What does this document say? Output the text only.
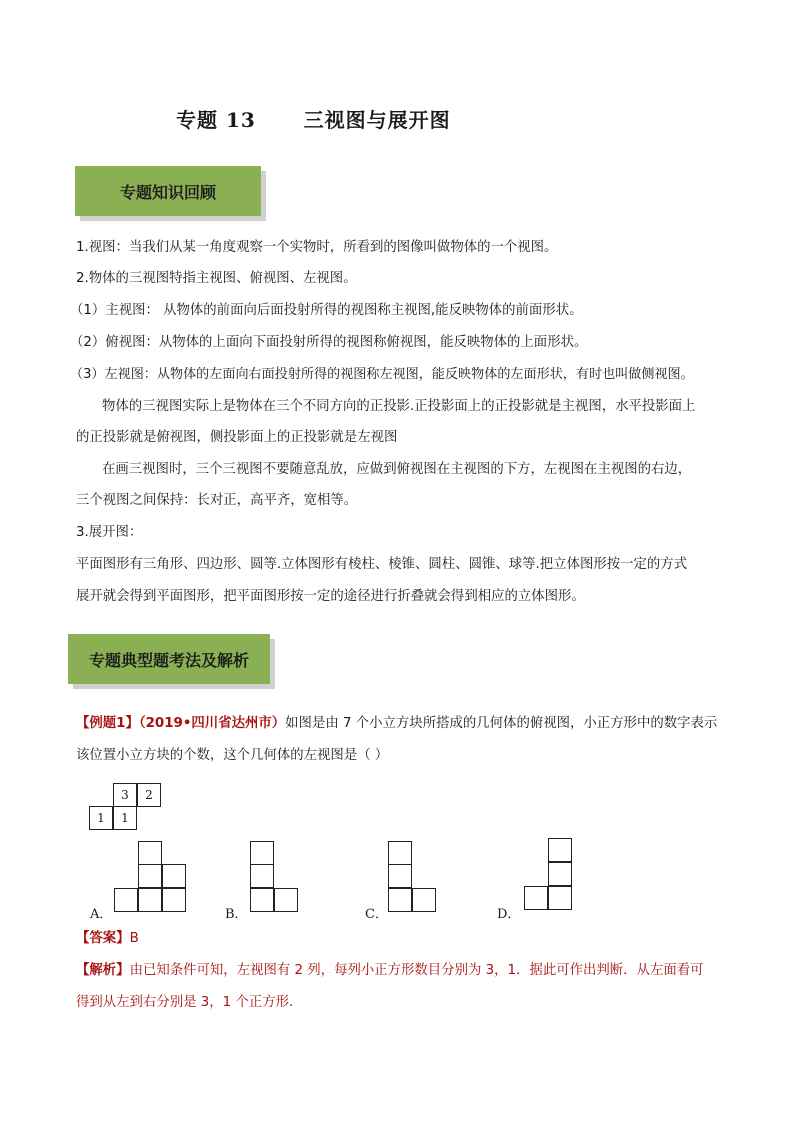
专题 13      三视图与展开图
专题知识回顾
1.视图：当我们从某一角度观察一个实物时，所看到的图像叫做物体的一个视图。
2.物体的三视图特指主视图、俯视图、左视图。
（1）主视图： 从物体的前面向后面投射所得的视图称主视图,能反映物体的前面形状。
（2）俯视图：从物体的上面向下面投射所得的视图称俯视图，能反映物体的上面形状。
（3）左视图：从物体的左面向右面投射所得的视图称左视图，能反映物体的左面形状，有时也叫做侧视图。
物体的三视图实际上是物体在三个不同方向的正投影.正投影面上的正投影就是主视图，水平投影面上
的正投影就是俯视图，侧投影面上的正投影就是左视图
在画三视图时，三个三视图不要随意乱放，应做到俯视图在主视图的下方，左视图在主视图的右边，
三个视图之间保持：长对正，高平齐，宽相等。
3.展开图：
平面图形有三角形、四边形、圆等.立体图形有棱柱、棱锥、圆柱、圆锥、球等.把立体图形按一定的方式
展开就会得到平面图形，把平面图形按一定的途径进行折叠就会得到相应的立体图形。
专题典型题考法及解析
【例题1】（2019•四川省达州市）如图是由 7 个小立方块所搭成的几何体的俯视图，小正方形中的数字表示
该位置小立方块的个数，这个几何体的左视图是（ ）
3	2
1	1
A．	B．	C．	D．
【答案】B
【解析】由已知条件可知，左视图有 2 列，每列小正方形数目分别为 3，1．据此可作出判断．从左面看可
得到从左到右分别是 3，1 个正方形．
